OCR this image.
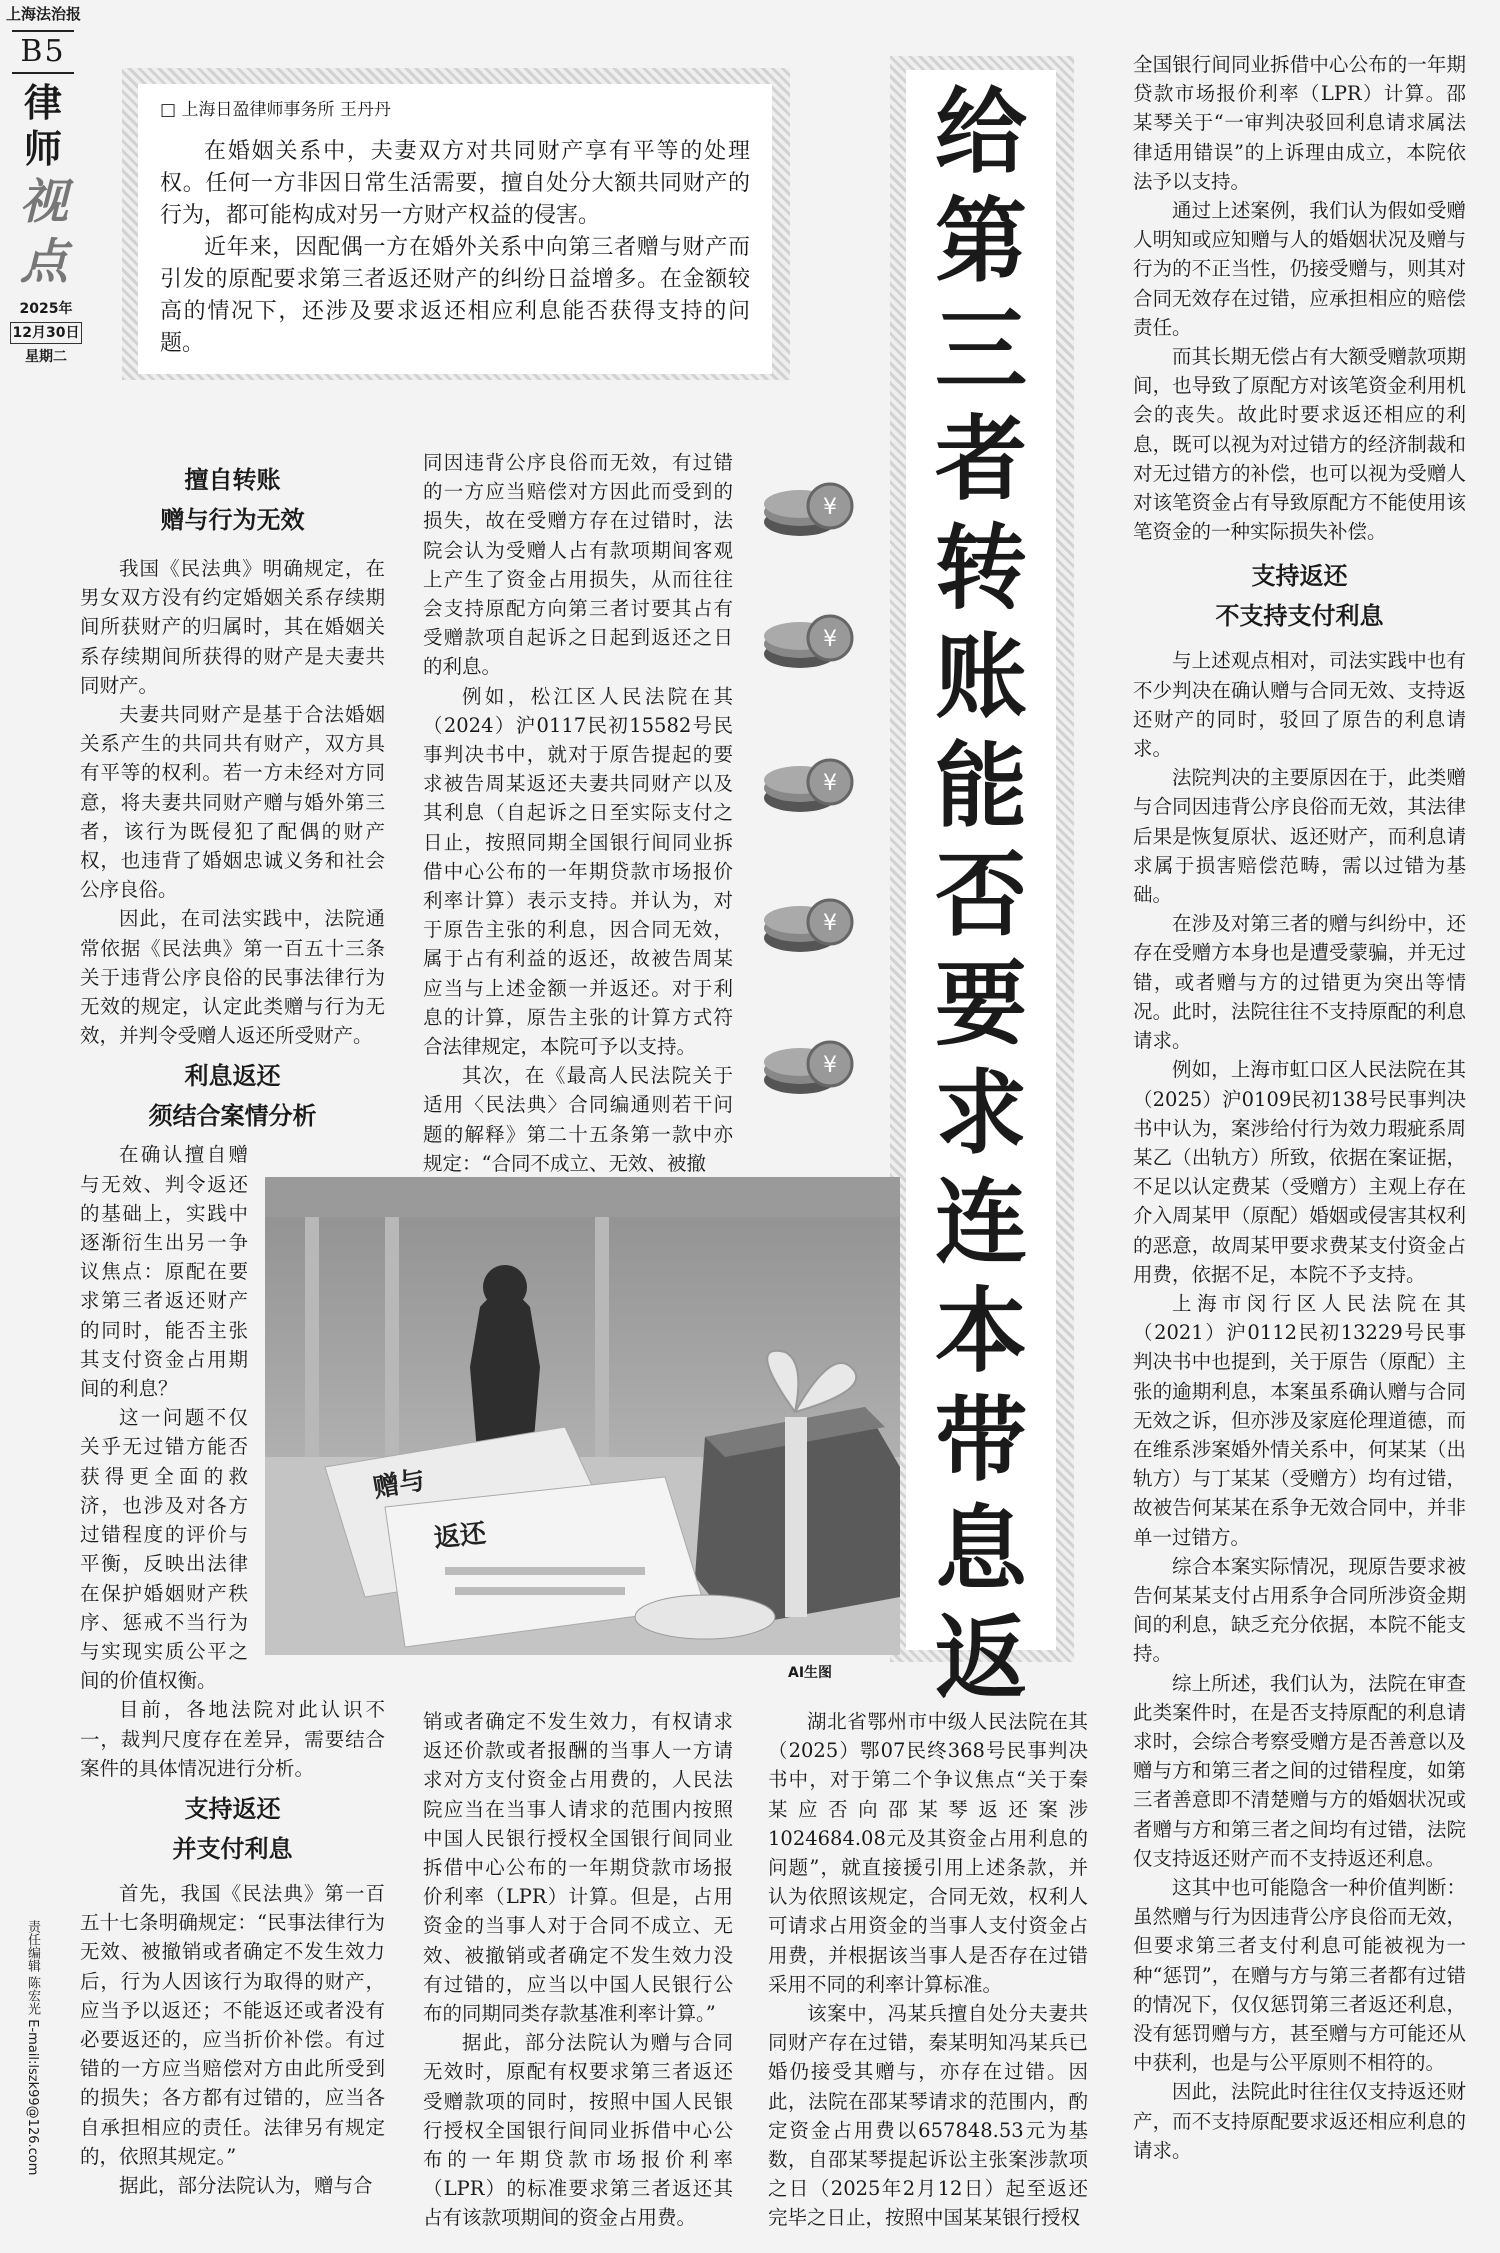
上海法治报
B5
律
师
视
点
2025年
12月30日
星期二
责任编辑 陈宏光 E-mail:lszk99@126.com
□ 上海日盈律师事务所 王丹丹

在婚姻关系中，夫妻双方对共同财产享有平等的处理权。任何一方非因日常生活需要，擅自处分大额共同财产的行为，都可能构成对另一方财产权益的侵害。

近年来，因配偶一方在婚外关系中向第三者赠与财产而引发的原配要求第三者返还财产的纠纷日益增多。在金额较高的情况下，还涉及要求返还相应利息能否获得支持的问题。

给
第
三
者
转
账
能
否
要
求
连
本
带
息
返
擅自转账
赠与行为无效

我国《民法典》明确规定，在男女双方没有约定婚姻关系存续期间所获财产的归属时，其在婚姻关系存续期间所获得的财产是夫妻共同财产。

夫妻共同财产是基于合法婚姻关系产生的共同共有财产，双方具有平等的权利。若一方未经对方同意，将夫妻共同财产赠与婚外第三者，该行为既侵犯了配偶的财产权，也违背了婚姻忠诚义务和社会公序良俗。

因此，在司法实践中，法院通常依据《民法典》第一百五十三条关于违背公序良俗的民事法律行为无效的规定，认定此类赠与行为无效，并判令受赠人返还所受财产。

利息返还
须结合案情分析

在确认擅自赠与无效、判令返还的基础上，实践中逐渐衍生出另一争议焦点：原配在要求第三者返还财产的同时，能否主张其支付资金占用期间的利息？

这一问题不仅关乎无过错方能否获得更全面的救济，也涉及对各方过错程度的评价与平衡，反映出法律在保护婚姻财产秩序、惩戒不当行为与实现实质公平之间的价值权衡。

目前，各地法院对此认识不一，裁判尺度存在差异，需要结合案件的具体情况进行分析。

支持返还
并支付利息

首先，我国《民法典》第一百五十七条明确规定：“民事法律行为无效、被撤销或者确定不发生效力后，行为人因该行为取得的财产，应当予以返还；不能返还或者没有必要返还的，应当折价补偿。有过错的一方应当赔偿对方由此所受到的损失；各方都有过错的，应当各自承担相应的责任。法律另有规定的，依照其规定。”

据此，部分法院认为，赠与合

同因违背公序良俗而无效，有过错的一方应当赔偿对方因此而受到的损失，故在受赠方存在过错时，法院会认为受赠人占有款项期间客观上产生了资金占用损失，从而往往会支持原配方向第三者讨要其占有受赠款项自起诉之日起到返还之日的利息。

例如，松江区人民法院在其（2024）沪0117民初15582号民事判决书中，就对于原告提起的要求被告周某返还夫妻共同财产以及其利息（自起诉之日至实际支付之日止，按照同期全国银行间同业拆借中心公布的一年期贷款市场报价利率计算）表示支持。并认为，对于原告主张的利息，因合同无效，属于占有利益的返还，故被告周某应当与上述金额一并返还。对于利息的计算，原告主张的计算方式符合法律规定，本院可予以支持。

其次，在《最高人民法院关于适用〈民法典〉合同编通则若干问题的解释》第二十五条第一款中亦规定：“合同不成立、无效、被撤

¥
¥
¥
¥
¥
赠与
返还
AI生图

销或者确定不发生效力，有权请求返还价款或者报酬的当事人一方请求对方支付资金占用费的，人民法院应当在当事人请求的范围内按照中国人民银行授权全国银行间同业拆借中心公布的一年期贷款市场报价利率（LPR）计算。但是，占用资金的当事人对于合同不成立、无效、被撤销或者确定不发生效力没有过错的，应当以中国人民银行公布的同期同类存款基准利率计算。”

据此，部分法院认为赠与合同无效时，原配有权要求第三者返还受赠款项的同时，按照中国人民银行授权全国银行间同业拆借中心公布的一年期贷款市场报价利率（LPR）的标准要求第三者返还其占有该款项期间的资金占用费。

湖北省鄂州市中级人民法院在其（2025）鄂07民终368号民事判决书中，对于第二个争议焦点“关于秦某应否向邵某琴返还案涉1024684.08元及其资金占用利息的问题”，就直接援引用上述条款，并认为依照该规定，合同无效，权利人可请求占用资金的当事人支付资金占用费，并根据该当事人是否存在过错采用不同的利率计算标准。

该案中，冯某兵擅自处分夫妻共同财产存在过错，秦某明知冯某兵已婚仍接受其赠与，亦存在过错。因此，法院在邵某琴请求的范围内，酌定资金占用费以657848.53元为基数，自邵某琴提起诉讼主张案涉款项之日（2025年2月12日）起至返还完毕之日止，按照中国某某银行授权

全国银行间同业拆借中心公布的一年期贷款市场报价利率（LPR）计算。邵某琴关于“一审判决驳回利息请求属法律适用错误”的上诉理由成立，本院依法予以支持。

通过上述案例，我们认为假如受赠人明知或应知赠与人的婚姻状况及赠与行为的不正当性，仍接受赠与，则其对合同无效存在过错，应承担相应的赔偿责任。

而其长期无偿占有大额受赠款项期间，也导致了原配方对该笔资金利用机会的丧失。故此时要求返还相应的利息，既可以视为对过错方的经济制裁和对无过错方的补偿，也可以视为受赠人对该笔资金占有导致原配方不能使用该笔资金的一种实际损失补偿。

支持返还
不支持支付利息

与上述观点相对，司法实践中也有不少判决在确认赠与合同无效、支持返还财产的同时，驳回了原告的利息请求。

法院判决的主要原因在于，此类赠与合同因违背公序良俗而无效，其法律后果是恢复原状、返还财产，而利息请求属于损害赔偿范畴，需以过错为基础。

在涉及对第三者的赠与纠纷中，还存在受赠方本身也是遭受蒙骗，并无过错，或者赠与方的过错更为突出等情况。此时，法院往往不支持原配的利息请求。

例如，上海市虹口区人民法院在其（2025）沪0109民初138号民事判决书中认为，案涉给付行为效力瑕疵系周某乙（出轨方）所致，依据在案证据，不足以认定费某（受赠方）主观上存在介入周某甲（原配）婚姻或侵害其权利的恶意，故周某甲要求费某支付资金占用费，依据不足，本院不予支持。

上海市闵行区人民法院在其（2021）沪0112民初13229号民事判决书中也提到，关于原告（原配）主张的逾期利息，本案虽系确认赠与合同无效之诉，但亦涉及家庭伦理道德，而在维系涉案婚外情关系中，何某某（出轨方）与丁某某（受赠方）均有过错，故被告何某某在系争无效合同中，并非单一过错方。

综合本案实际情况，现原告要求被告何某某支付占用系争合同所涉资金期间的利息，缺乏充分依据，本院不能支持。

综上所述，我们认为，法院在审查此类案件时，在是否支持原配的利息请求时，会综合考察受赠方是否善意以及赠与方和第三者之间的过错程度，如第三者善意即不清楚赠与方的婚姻状况或者赠与方和第三者之间均有过错，法院仅支持返还财产而不支持返还利息。

这其中也可能隐含一种价值判断：虽然赠与行为因违背公序良俗而无效，但要求第三者支付利息可能被视为一种“惩罚”，在赠与方与第三者都有过错的情况下，仅仅惩罚第三者返还利息，没有惩罚赠与方，甚至赠与方可能还从中获利，也是与公平原则不相符的。

因此，法院此时往往仅支持返还财产，而不支持原配要求返还相应利息的请求。
